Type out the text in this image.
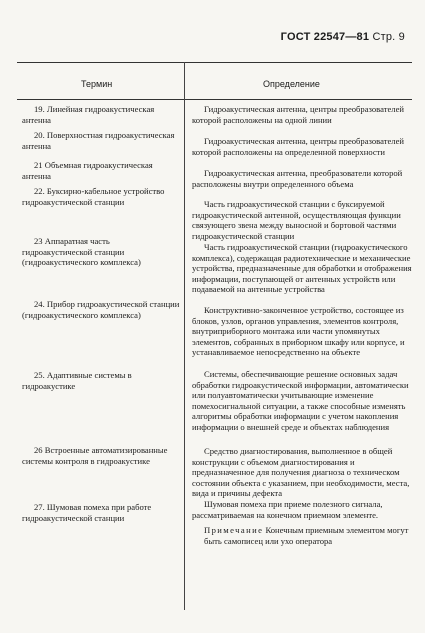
ГОСТ 22547—81 Стр. 9
Термин	Определение
19. Линейная гидроакустическая антенна
20. Поверхностная гидроакустическая антенна
21 Объемная гидроакустическая антенна
22. Буксирно-кабельное устройство гидроакустической станции
23 Аппаратная часть гидроакустической станции (гидроакустического комплекса)
24. Прибор гидроакустической станции (гидроакустического комплекса)
25. Адаптивные системы в гидроакустике
26 Встроенные автоматизированные системы контроля в гидроакустике
27. Шумовая помеха при работе гидроакустической станции
Гидроакустическая антенна, центры преобразователей которой расположены на одной линии
Гидроакустическая антенна, центры преобразователей которой расположены на определенной поверхности
Гидроакустическая антенна, преобразователи которой расположены внутри определенного объема
Часть гидроакустической станции с буксируемой гидроакустической антенной, осуществляющая функции связующего звена между выносной и бортовой частями гидроакустической станции
Часть гидроакустической станции (гидроакустического комплекса), содержащая радиотехнические и механические устройства, предназначенные для обработки и отображения информации, поступающей от антенных устройств или подаваемой на антенные устройства
Конструктивно-законченное устройство, состоящее из блоков, узлов, органов управления, элементов контроля, внутриприборного монтажа или части упомянутых элементов, собранных в приборном шкафу или корпусе, и устанавливаемое непосредственно на объекте
Системы, обеспечивающие решение основных задач обработки гидроакустической информации, автоматически или полуавтоматически учитывающие изменение помехосигнальной ситуации, а также способные изменять алгоритмы обработки информации с учетом накопления информации о внешней среде и объектах наблюдения
Средство диагностирования, выполненное в общей конструкции с объемом диагностирования и предназначенное для получения диагноза о техническом состоянии объекта с указанием, при необходимости, места, вида и причины дефекта
Шумовая помеха при приеме полезного сигнала, рассматриваемая на конечном приемном элементе.
Примечание Конечным приемным элементом могут быть самописец или ухо оператора
